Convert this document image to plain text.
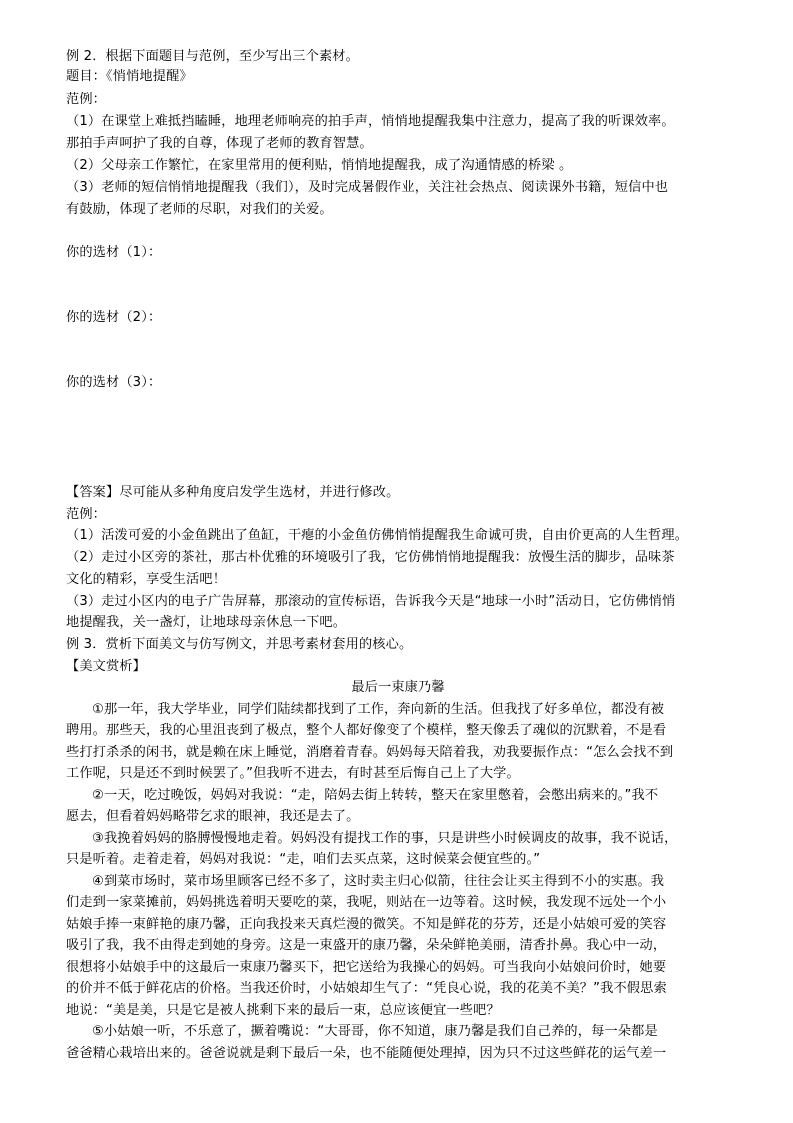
例 2．根据下面题目与范例，至少写出三个素材。
题目：《悄悄地提醒》
范例：
（1）在课堂上难抵挡瞌睡，地理老师响亮的拍手声，悄悄地提醒我集中注意力，提高了我的听课效率。
那拍手声呵护了我的自尊，体现了老师的教育智慧。
（2）父母亲工作繁忙，在家里常用的便利贴，悄悄地提醒我，成了沟通情感的桥梁 。
（3）老师的短信悄悄地提醒我（我们），及时完成暑假作业，关注社会热点、阅读课外书籍，短信中也
有鼓励，体现了老师的尽职，对我们的关爱。
你的选材（1）：
你的选材（2）：
你的选材（3）：
【答案】尽可能从多种角度启发学生选材，并进行修改。
范例：
（1）活泼可爱的小金鱼跳出了鱼缸，干瘪的小金鱼仿佛悄悄提醒我生命诚可贵，自由价更高的人生哲理。
（2）走过小区旁的茶社，那古朴优雅的环境吸引了我，它仿佛悄悄地提醒我：放慢生活的脚步，品味茶
文化的精彩，享受生活吧！
（3）走过小区内的电子广告屏幕，那滚动的宣传标语，告诉我今天是“地球一小时”活动日，它仿佛悄悄
地提醒我，关一盏灯，让地球母亲休息一下吧。
例 3．赏析下面美文与仿写例文，并思考素材套用的核心。
【美文赏析】
最后一束康乃馨
①那一年，我大学毕业，同学们陆续都找到了工作，奔向新的生活。但我找了好多单位，都没有被
聘用。那些天，我的心里沮丧到了极点，整个人都好像变了个模样，整天像丢了魂似的沉默着，不是看
些打打杀杀的闲书，就是赖在床上睡觉，消磨着青春。妈妈每天陪着我，劝我要振作点：“怎么会找不到
工作呢，只是还不到时候罢了。”但我听不进去，有时甚至后悔自己上了大学。
②一天，吃过晚饭，妈妈对我说：“走，陪妈去街上转转，整天在家里憋着，会憋出病来的。”我不
愿去，但看着妈妈略带乞求的眼神，我还是去了。
③我挽着妈妈的胳膊慢慢地走着。妈妈没有提找工作的事，只是讲些小时候调皮的故事，我不说话，
只是听着。走着走着，妈妈对我说：“走，咱们去买点菜，这时候菜会便宜些的。”
④到菜市场时，菜市场里顾客已经不多了，这时卖主归心似箭，往往会让买主得到不小的实惠。我
们走到一家菜摊前，妈妈挑选着明天要吃的菜，我呢，则站在一边等着。这时候，我发现不远处一个小
姑娘手捧一束鲜艳的康乃馨，正向我投来天真烂漫的微笑。不知是鲜花的芬芳，还是小姑娘可爱的笑容
吸引了我，我不由得走到她的身旁。这是一束盛开的康乃馨，朵朵鲜艳美丽，清香扑鼻。我心中一动，
很想将小姑娘手中的这最后一束康乃馨买下，把它送给为我操心的妈妈。可当我向小姑娘问价时，她要
的价并不低于鲜花店的价格。当我还价时，小姑娘却生气了：“凭良心说，我的花美不美？”我不假思索
地说：“美是美，只是它是被人挑剩下来的最后一束，总应该便宜一些吧？
⑤小姑娘一听，不乐意了，撅着嘴说：“大哥哥，你不知道，康乃馨是我们自己养的，每一朵都是
爸爸精心栽培出来的。爸爸说就是剩下最后一朵，也不能随便处理掉，因为只不过这些鲜花的运气差一
